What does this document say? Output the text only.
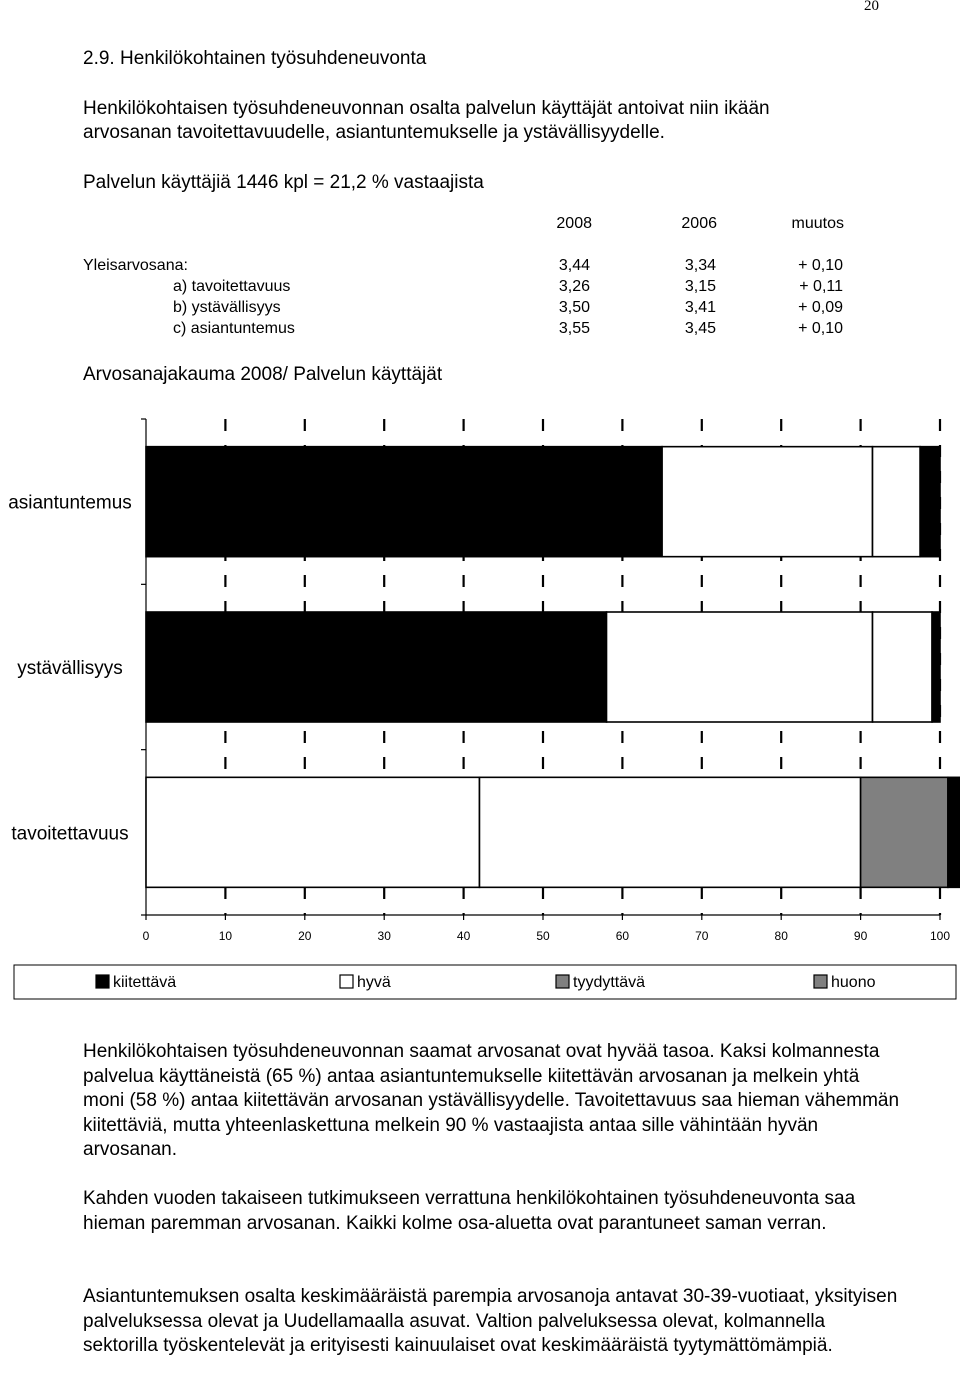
20
2.9. Henkilökohtainen työsuhdeneuvonta
Henkilökohtaisen työsuhdeneuvonnan osalta palvelun käyttäjät antoivat niin ikään arvosanan tavoitettavuudelle, asiantuntemukselle ja ystävällisyydelle.
Palvelun käyttäjiä 1446 kpl = 21,2 % vastaajista
2008	2006	muutos
Yleisarvosana:	3,44	3,34	+ 0,10
a) tavoitettavuus	3,26	3,15	+ 0,11
b) ystävällisyys	3,50	3,41	+ 0,09
c) asiantuntemus	3,55	3,45	+ 0,10
Arvosanajakauma 2008/ Palvelun käyttäjät
asiantuntemus
ystävällisyys
tavoitettavuus
0	10	20	30	40	50	60	70	80	90	100
kiitettävä	hyvä	tyydyttävä	huono
Henkilökohtaisen työsuhdeneuvonnan saamat arvosanat ovat hyvää tasoa. Kaksi kolmannesta palvelua käyttäneistä (65 %) antaa asiantuntemukselle kiitettävän arvosanan ja melkein yhtä moni (58 %) antaa kiitettävän arvosanan ystävällisyydelle. Tavoitettavuus saa hieman vähemmän kiitettäviä, mutta yhteenlaskettuna melkein 90 % vastaajista antaa sille vähintään hyvän arvosanan.
Kahden vuoden takaiseen tutkimukseen verrattuna henkilökohtainen työsuhdeneuvonta saa hieman paremman arvosanan. Kaikki kolme osa-aluetta ovat parantuneet saman verran.
Asiantuntemuksen osalta keskimääräistä parempia arvosanoja antavat 30-39-vuotiaat, yksityisen palveluksessa olevat ja Uudellamaalla asuvat. Valtion palveluksessa olevat, kolmannella sektorilla työskentelevät ja erityisesti kainuulaiset ovat keskimääräistä tyytymättömämpiä.
